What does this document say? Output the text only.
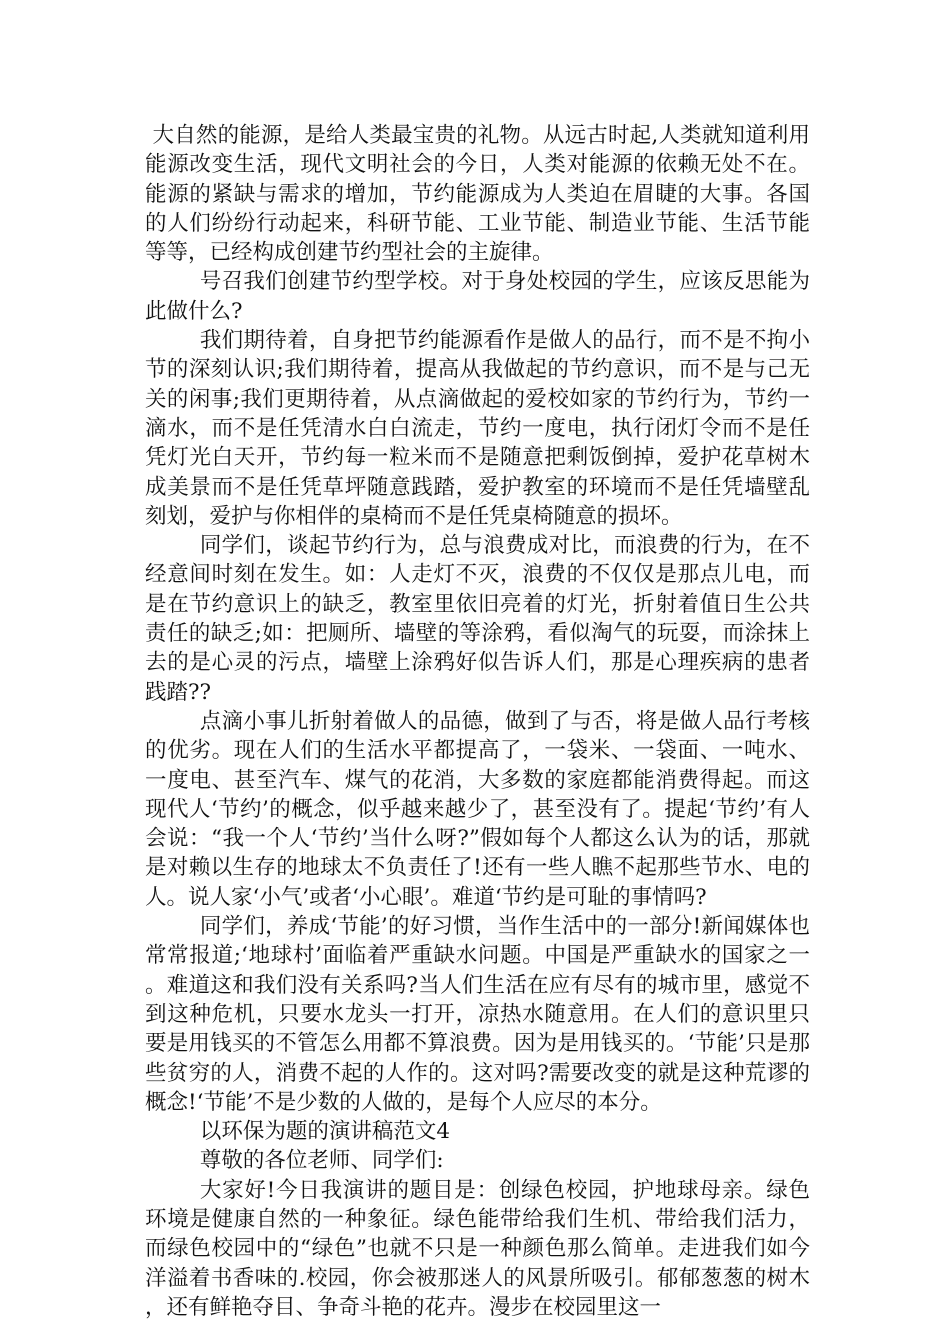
大自然的能源，是给人类最宝贵的礼物。从远古时起,人类就知道利用能源改变生活，现代文明社会的今日，人类对能源的依赖无处不在。能源的紧缺与需求的增加，节约能源成为人类迫在眉睫的大事。各国的人们纷纷行动起来，科研节能、工业节能、制造业节能、生活节能等等，已经构成创建节约型社会的主旋律。

号召我们创建节约型学校。对于身处校园的学生，应该反思能为此做什么?

我们期待着，自身把节约能源看作是做人的品行，而不是不拘小节的深刻认识;我们期待着，提高从我做起的节约意识，而不是与己无关的闲事;我们更期待着，从点滴做起的爱校如家的节约行为，节约一滴水，而不是任凭清水白白流走，节约一度电，执行闭灯令而不是任凭灯光白天开，节约每一粒米而不是随意把剩饭倒掉，爱护花草树木成美景而不是任凭草坪随意践踏，爱护教室的环境而不是任凭墙壁乱刻划，爱护与你相伴的桌椅而不是任凭桌椅随意的损坏。

同学们，谈起节约行为，总与浪费成对比，而浪费的行为，在不经意间时刻在发生。如：人走灯不灭，浪费的不仅仅是那点儿电，而是在节约意识上的缺乏，教室里依旧亮着的灯光，折射着值日生公共责任的缺乏;如：把厕所、墙壁的等涂鸦，看似淘气的玩耍，而涂抹上去的是心灵的污点，墙壁上涂鸦好似告诉人们，那是心理疾病的患者践踏??

点滴小事儿折射着做人的品德，做到了与否，将是做人品行考核的优劣。现在人们的生活水平都提高了，一袋米、一袋面、一吨水、一度电、甚至汽车、煤气的花消，大多数的家庭都能消费得起。而这现代人‘节约’的概念，似乎越来越少了，甚至没有了。提起‘节约’有人会说：“我一个人‘节约’当什么呀?”假如每个人都这么认为的话，那就是对赖以生存的地球太不负责任了!还有一些人瞧不起那些节水、电的人。说人家‘小气’或者‘小心眼’。难道‘节约是可耻的事情吗?

同学们，养成‘节能’的好习惯，当作生活中的一部分!新闻媒体也常常报道;‘地球村’面临着严重缺水问题。中国是严重缺水的国家之一。难道这和我们没有关系吗?当人们生活在应有尽有的城市里，感觉不到这种危机，只要水龙头一打开，凉热水随意用。在人们的意识里只要是用钱买的不管怎么用都不算浪费。因为是用钱买的。‘节能’只是那些贫穷的人，消费不起的人作的。这对吗?需要改变的就是这种荒谬的概念!‘节能’不是少数的人做的，是每个人应尽的本分。

以环保为题的演讲稿范文4

尊敬的各位老师、同学们:

大家好!今日我演讲的题目是：创绿色校园，护地球母亲。绿色环境是健康自然的一种象征。绿色能带给我们生机、带给我们活力，而绿色校园中的“绿色”也就不只是一种颜色那么简单。走进我们如今洋溢着书香味的.校园，你会被那迷人的风景所吸引。郁郁葱葱的树木，还有鲜艳夺目、争奇斗艳的花卉。漫步在校园里这一
